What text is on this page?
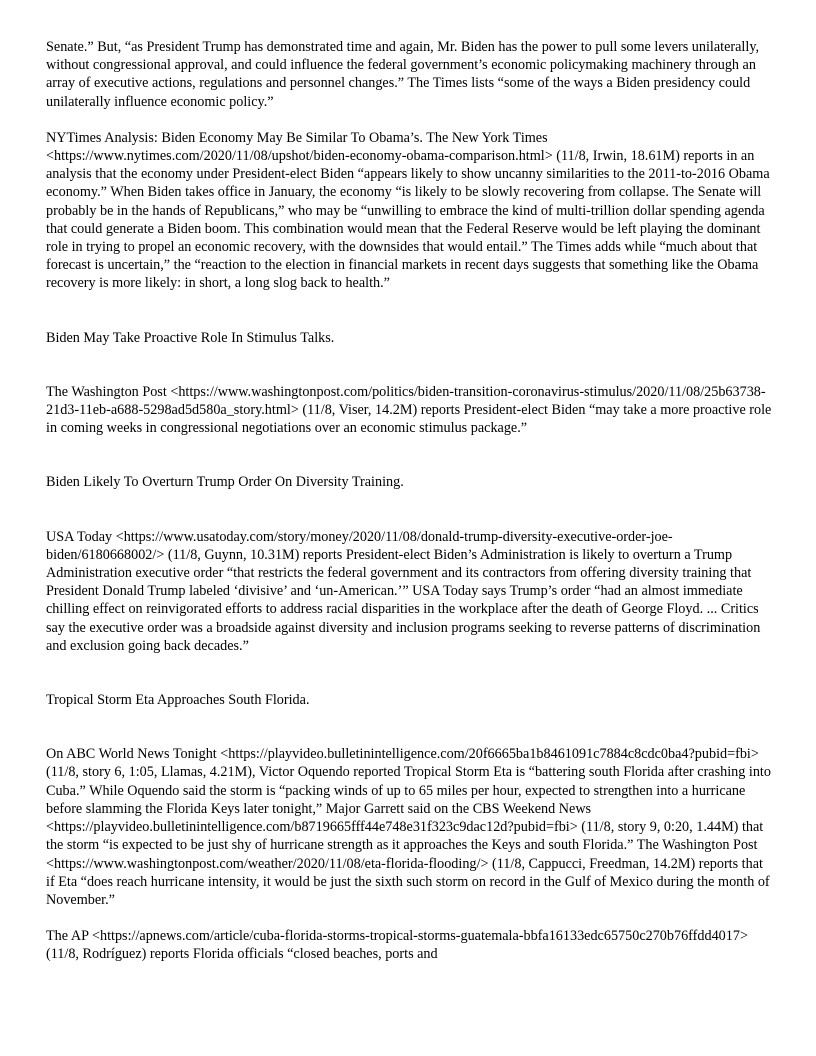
Senate.” But, “as President Trump has demonstrated time and again, Mr. Biden has the power to pull some levers unilaterally, without congressional approval, and could influence the federal government’s economic policymaking machinery through an array of executive actions, regulations and personnel changes.” The Times lists “some of the ways a Biden presidency could unilaterally influence economic policy.”

NYTimes Analysis: Biden Economy May Be Similar To Obama’s. The New York Times <https://www.nytimes.com/2020/11/08/upshot/biden-economy-obama-comparison.html> (11/8, Irwin, 18.61M) reports in an analysis that the economy under President-elect Biden “appears likely to show uncanny similarities to the 2011-to-2016 Obama economy.” When Biden takes office in January, the economy “is likely to be slowly recovering from collapse. The Senate will probably be in the hands of Republicans,” who may be “unwilling to embrace the kind of multi-trillion dollar spending agenda that could generate a Biden boom. This combination would mean that the Federal Reserve would be left playing the dominant role in trying to propel an economic recovery, with the downsides that would entail.” The Times adds while “much about that forecast is uncertain,” the “reaction to the election in financial markets in recent days suggests that something like the Obama recovery is more likely: in short, a long slog back to health.”

Biden May Take Proactive Role In Stimulus Talks.

The Washington Post <https://www.washingtonpost.com/politics/biden-transition-coronavirus-stimulus/2020/11/08/25b63738-21d3-11eb-a688-5298ad5d580a_story.html> (11/8, Viser, 14.2M) reports President-elect Biden “may take a more proactive role in coming weeks in congressional negotiations over an economic stimulus package.”

Biden Likely To Overturn Trump Order On Diversity Training.

USA Today <https://www.usatoday.com/story/money/2020/11/08/donald-trump-diversity-executive-order-joe-biden/6180668002/> (11/8, Guynn, 10.31M) reports President-elect Biden’s Administration is likely to overturn a Trump Administration executive order “that restricts the federal government and its contractors from offering diversity training that President Donald Trump labeled ‘divisive’ and ‘un-American.’” USA Today says Trump’s order “had an almost immediate chilling effect on reinvigorated efforts to address racial disparities in the workplace after the death of George Floyd. ... Critics say the executive order was a broadside against diversity and inclusion programs seeking to reverse patterns of discrimination and exclusion going back decades.”

Tropical Storm Eta Approaches South Florida.

On ABC World News Tonight <https://playvideo.bulletinintelligence.com/20f6665ba1b8461091c7884c8cdc0ba4?pubid=fbi> (11/8, story 6, 1:05, Llamas, 4.21M), Victor Oquendo reported Tropical Storm Eta is “battering south Florida after crashing into Cuba.” While Oquendo said the storm is “packing winds of up to 65 miles per hour, expected to strengthen into a hurricane before slamming the Florida Keys later tonight,” Major Garrett said on the CBS Weekend News <https://playvideo.bulletinintelligence.com/b8719665fff44e748e31f323c9dac12d?pubid=fbi> (11/8, story 9, 0:20, 1.44M) that the storm “is expected to be just shy of hurricane strength as it approaches the Keys and south Florida.” The Washington Post <https://www.washingtonpost.com/weather/2020/11/08/eta-florida-flooding/> (11/8, Cappucci, Freedman, 14.2M) reports that if Eta “does reach hurricane intensity, it would be just the sixth such storm on record in the Gulf of Mexico during the month of November.”

The AP <https://apnews.com/article/cuba-florida-storms-tropical-storms-guatemala-bbfa16133edc65750c270b76ffdd4017> (11/8, Rodríguez) reports Florida officials “closed beaches, ports and
